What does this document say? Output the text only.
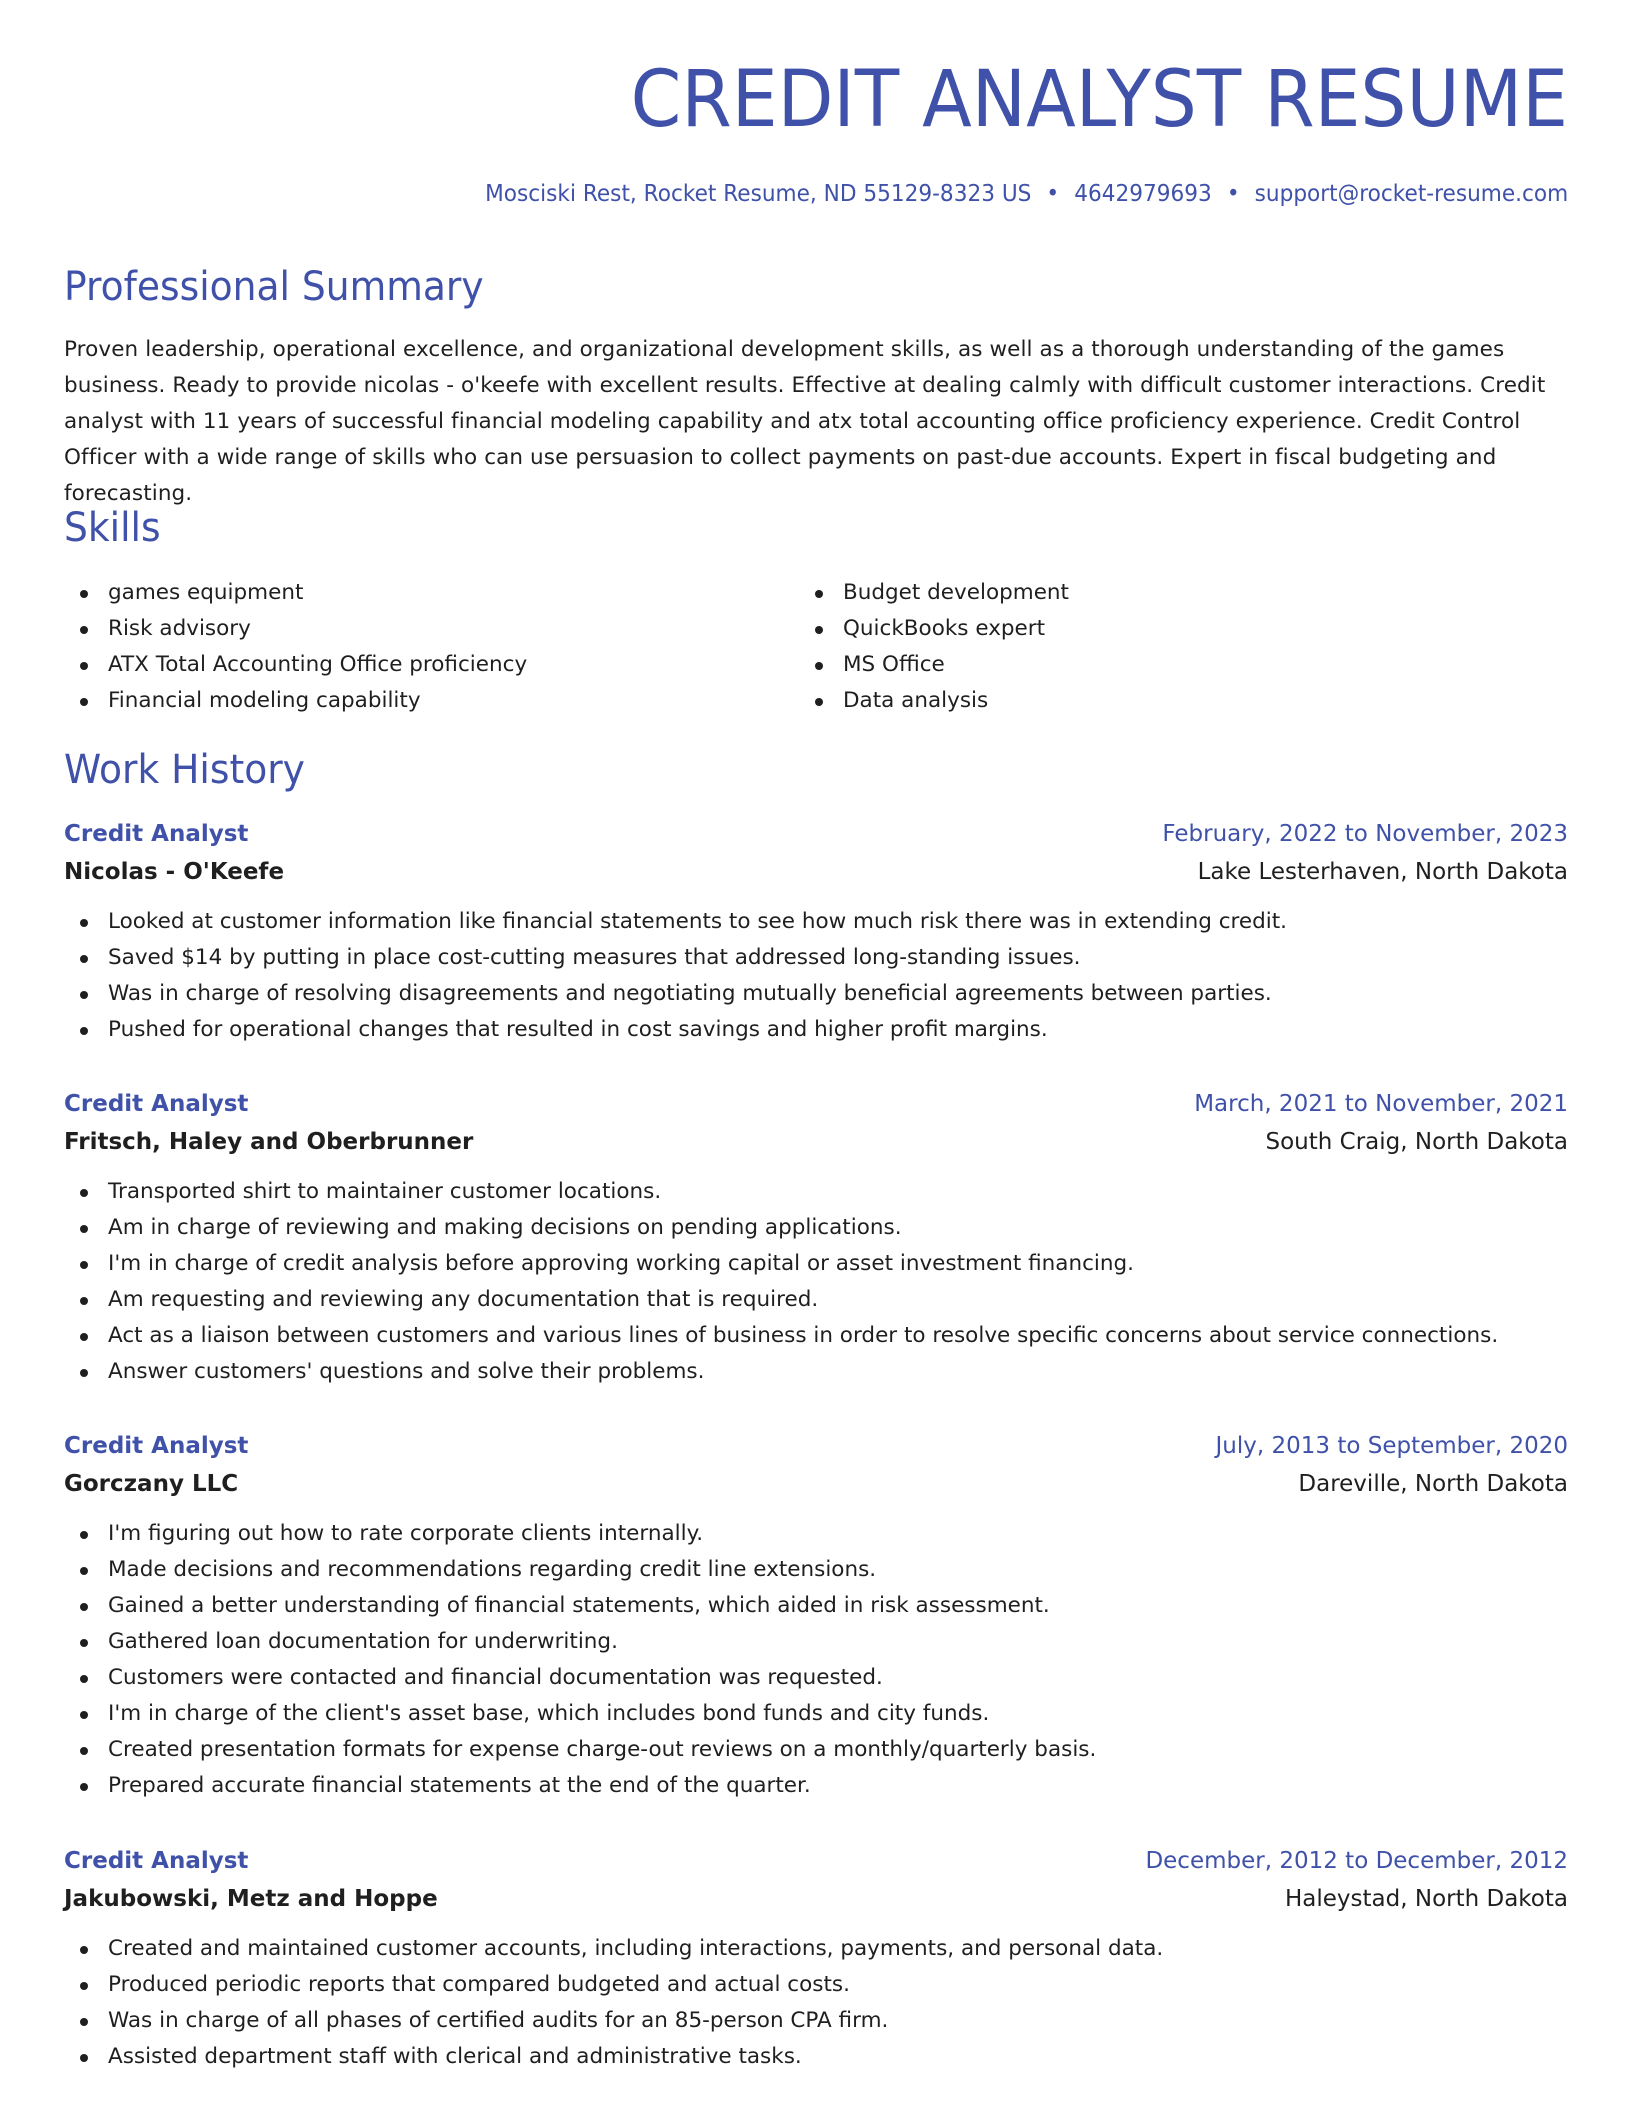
CREDIT ANALYST RESUME
Mosciski Rest, Rocket Resume, ND 55129-8323 US • 4642979693 • support@rocket-resume.com
Professional Summary

Proven leadership, operational excellence, and organizational development skills, as well as a thorough understanding of the games business. Ready to provide nicolas - o'keefe with excellent results. Effective at dealing calmly with difficult customer interactions. Credit analyst with 11 years of successful financial modeling capability and atx total accounting office proficiency experience. Credit Control Officer with a wide range of skills who can use persuasion to collect payments on past-due accounts. Expert in fiscal budgeting and forecasting.

Skills
games equipment
Risk advisory
ATX Total Accounting Office proficiency
Financial modeling capability
Budget development
QuickBooks expert
MS Office
Data analysis
Work History
Credit Analyst	February, 2022 to November, 2023
Nicolas - O'Keefe	Lake Lesterhaven, North Dakota
Looked at customer information like financial statements to see how much risk there was in extending credit.
Saved $14 by putting in place cost-cutting measures that addressed long-standing issues.
Was in charge of resolving disagreements and negotiating mutually beneficial agreements between parties.
Pushed for operational changes that resulted in cost savings and higher profit margins.
Credit Analyst	March, 2021 to November, 2021
Fritsch, Haley and Oberbrunner	South Craig, North Dakota
Transported shirt to maintainer customer locations.
Am in charge of reviewing and making decisions on pending applications.
I'm in charge of credit analysis before approving working capital or asset investment financing.
Am requesting and reviewing any documentation that is required.
Act as a liaison between customers and various lines of business in order to resolve specific concerns about service connections.
Answer customers' questions and solve their problems.
Credit Analyst	July, 2013 to September, 2020
Gorczany LLC	Dareville, North Dakota
I'm figuring out how to rate corporate clients internally.
Made decisions and recommendations regarding credit line extensions.
Gained a better understanding of financial statements, which aided in risk assessment.
Gathered loan documentation for underwriting.
Customers were contacted and financial documentation was requested.
I'm in charge of the client's asset base, which includes bond funds and city funds.
Created presentation formats for expense charge-out reviews on a monthly/quarterly basis.
Prepared accurate financial statements at the end of the quarter.
Credit Analyst	December, 2012 to December, 2012
Jakubowski, Metz and Hoppe	Haleystad, North Dakota
Created and maintained customer accounts, including interactions, payments, and personal data.
Produced periodic reports that compared budgeted and actual costs.
Was in charge of all phases of certified audits for an 85-person CPA firm.
Assisted department staff with clerical and administrative tasks.
